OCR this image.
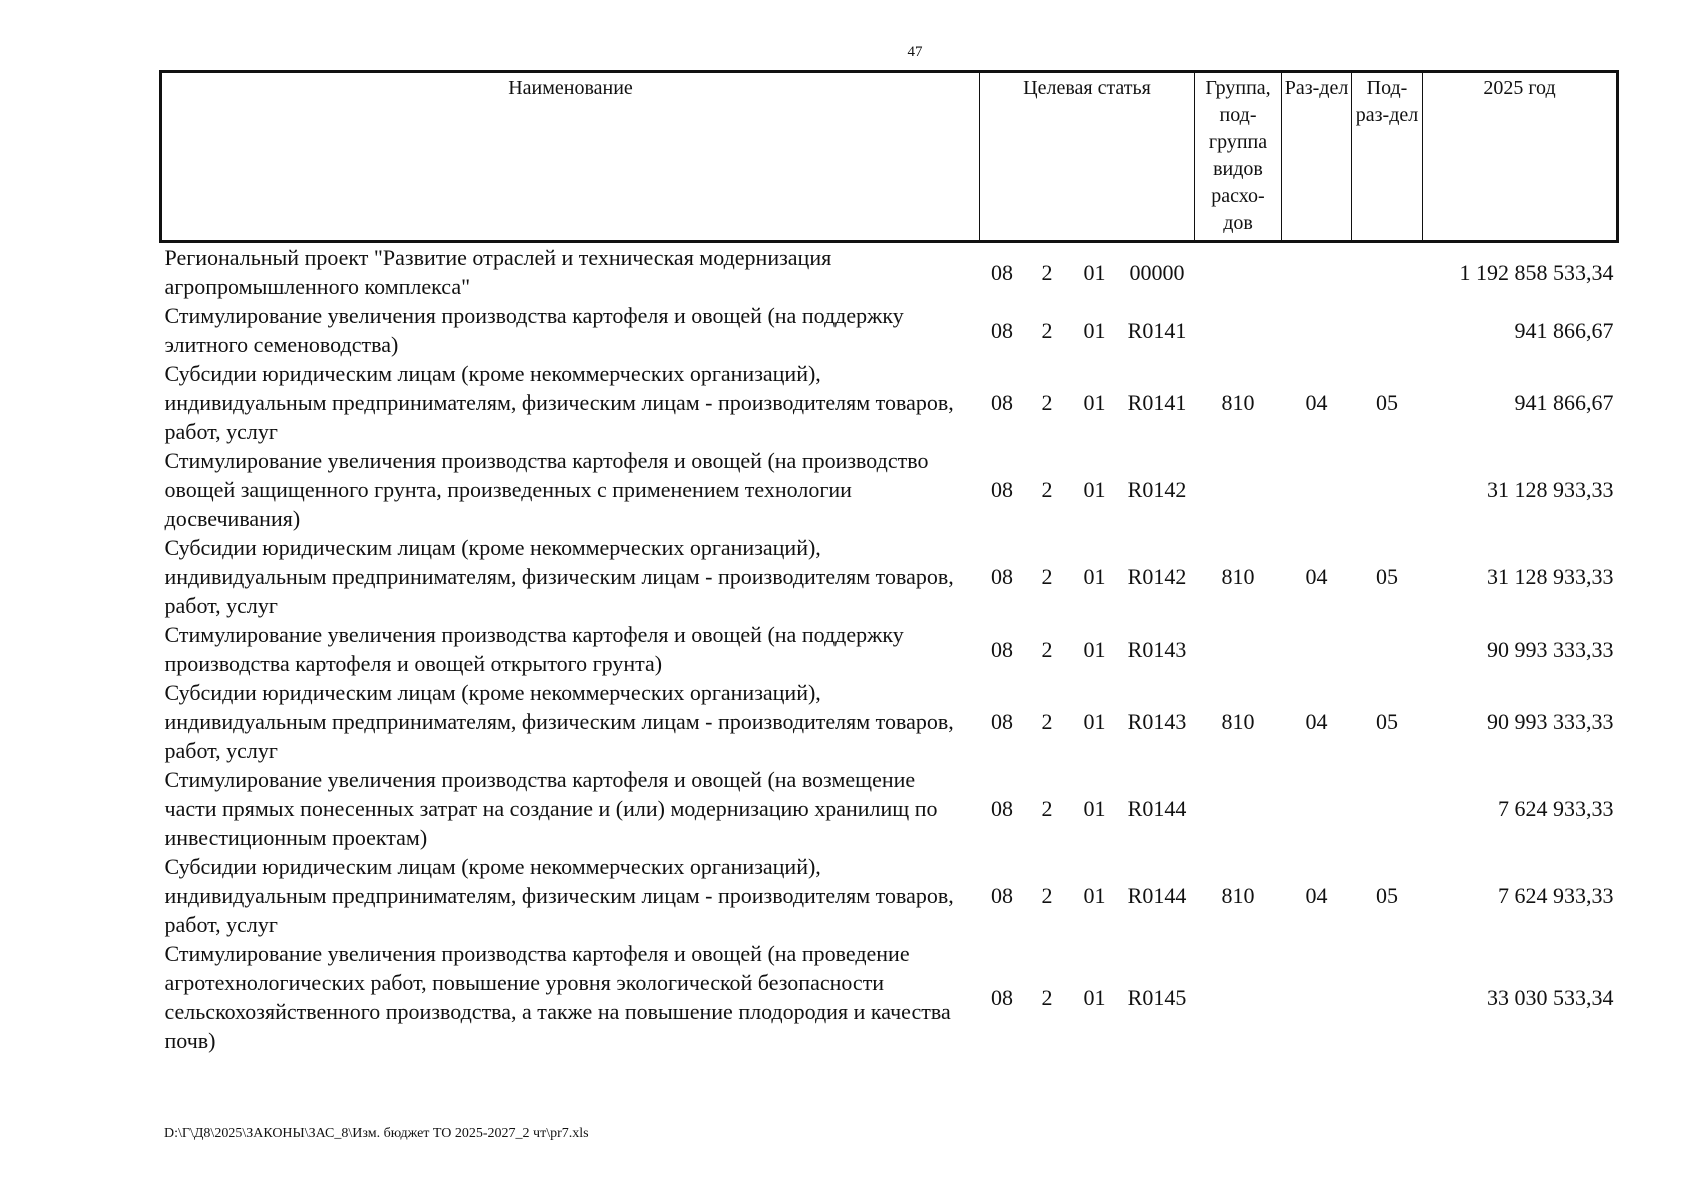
47
Наименование	Целевая статья				Группа, под-группа видов расхо-дов	Раз-дел	Под-раз-дел	2025 год
Региональный проект "Развитие отраслей и техническая модернизация агропромышленного комплекса"	08	2	01	00000				1 192 858 533,34
Стимулирование увеличения производства картофеля и овощей (на поддержку элитного семеноводства)	08	2	01	R0141				941 866,67
Субсидии юридическим лицам (кроме некоммерческих организаций), индивидуальным предпринимателям, физическим лицам - производителям товаров, работ, услуг	08	2	01	R0141	810	04	05	941 866,67
Стимулирование увеличения производства картофеля и овощей (на производство овощей защищенного грунта, произведенных с применением технологии досвечивания)	08	2	01	R0142				31 128 933,33
Субсидии юридическим лицам (кроме некоммерческих организаций), индивидуальным предпринимателям, физическим лицам - производителям товаров, работ, услуг	08	2	01	R0142	810	04	05	31 128 933,33
Стимулирование увеличения производства картофеля и овощей (на поддержку производства картофеля и овощей открытого грунта)	08	2	01	R0143				90 993 333,33
Субсидии юридическим лицам (кроме некоммерческих организаций), индивидуальным предпринимателям, физическим лицам - производителям товаров, работ, услуг	08	2	01	R0143	810	04	05	90 993 333,33
Стимулирование увеличения производства картофеля и овощей (на возмещение части прямых понесенных затрат на создание и (или) модернизацию хранилищ по инвестиционным проектам)	08	2	01	R0144				7 624 933,33
Субсидии юридическим лицам (кроме некоммерческих организаций), индивидуальным предпринимателям, физическим лицам - производителям товаров, работ, услуг	08	2	01	R0144	810	04	05	7 624 933,33
Стимулирование увеличения производства картофеля и овощей (на проведение агротехнологических работ, повышение уровня экологической безопасности сельскохозяйственного производства, а также на повышение плодородия и качества почв)	08	2	01	R0145				33 030 533,34
D:\Г\Д8\2025\ЗАКОНЫ\ЗАС_8\Изм. бюджет ТО 2025-2027_2 чт\pr7.xls
